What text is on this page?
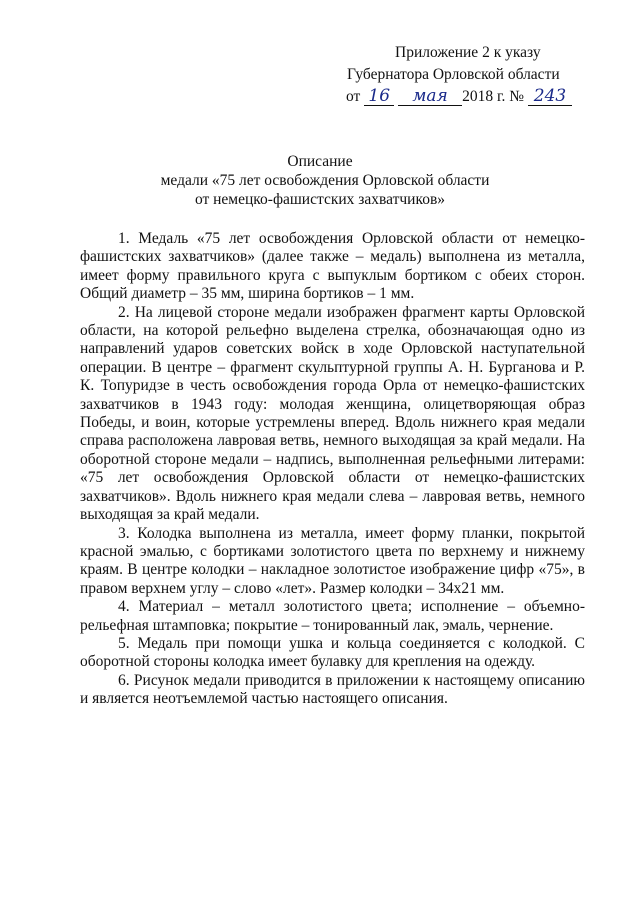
Приложение 2 к указу
Губернатора Орловской области
от 16 мая 2018 г. № 243
Описание
медали «75 лет освобождения Орловской области
от немецко-фашистских захватчиков»

1. Медаль «75 лет освобождения Орловской области от немецко-фашистских захватчиков» (далее также – медаль) выполнена из металла, имеет форму правильного круга с выпуклым бортиком с обеих сторон. Общий диаметр – 35 мм, ширина бортиков – 1 мм.

2. На лицевой стороне медали изображен фрагмент карты Орловской области, на которой рельефно выделена стрелка, обозначающая одно из направлений ударов советских войск в ходе Орловской наступательной операции. В центре – фрагмент скульптурной группы А. Н. Бурганова и Р. К. Топуридзе в честь освобождения города Орла от немецко-фашистских захватчиков в 1943 году: молодая женщина, олицетворяющая образ Победы, и воин, которые устремлены вперед. Вдоль нижнего края медали справа расположена лавровая ветвь, немного выходящая за край медали. На оборотной стороне медали – надпись, выполненная рельефными литерами: «75 лет освобождения Орловской области от немецко-фашистских захватчиков». Вдоль нижнего края медали слева – лавровая ветвь, немного выходящая за край медали.

3. Колодка выполнена из металла, имеет форму планки, покрытой красной эмалью, с бортиками золотистого цвета по верхнему и нижнему краям. В центре колодки – накладное золотистое изображение цифр «75», в правом верхнем углу – слово «лет». Размер колодки – 34х21 мм.

4. Материал – металл золотистого цвета; исполнение – объемно-рельефная штамповка; покрытие – тонированный лак, эмаль, чернение.

5. Медаль при помощи ушка и кольца соединяется с колодкой. С оборотной стороны колодка имеет булавку для крепления на одежду.

6. Рисунок медали приводится в приложении к настоящему описанию и является неотъемлемой частью настоящего описания.
